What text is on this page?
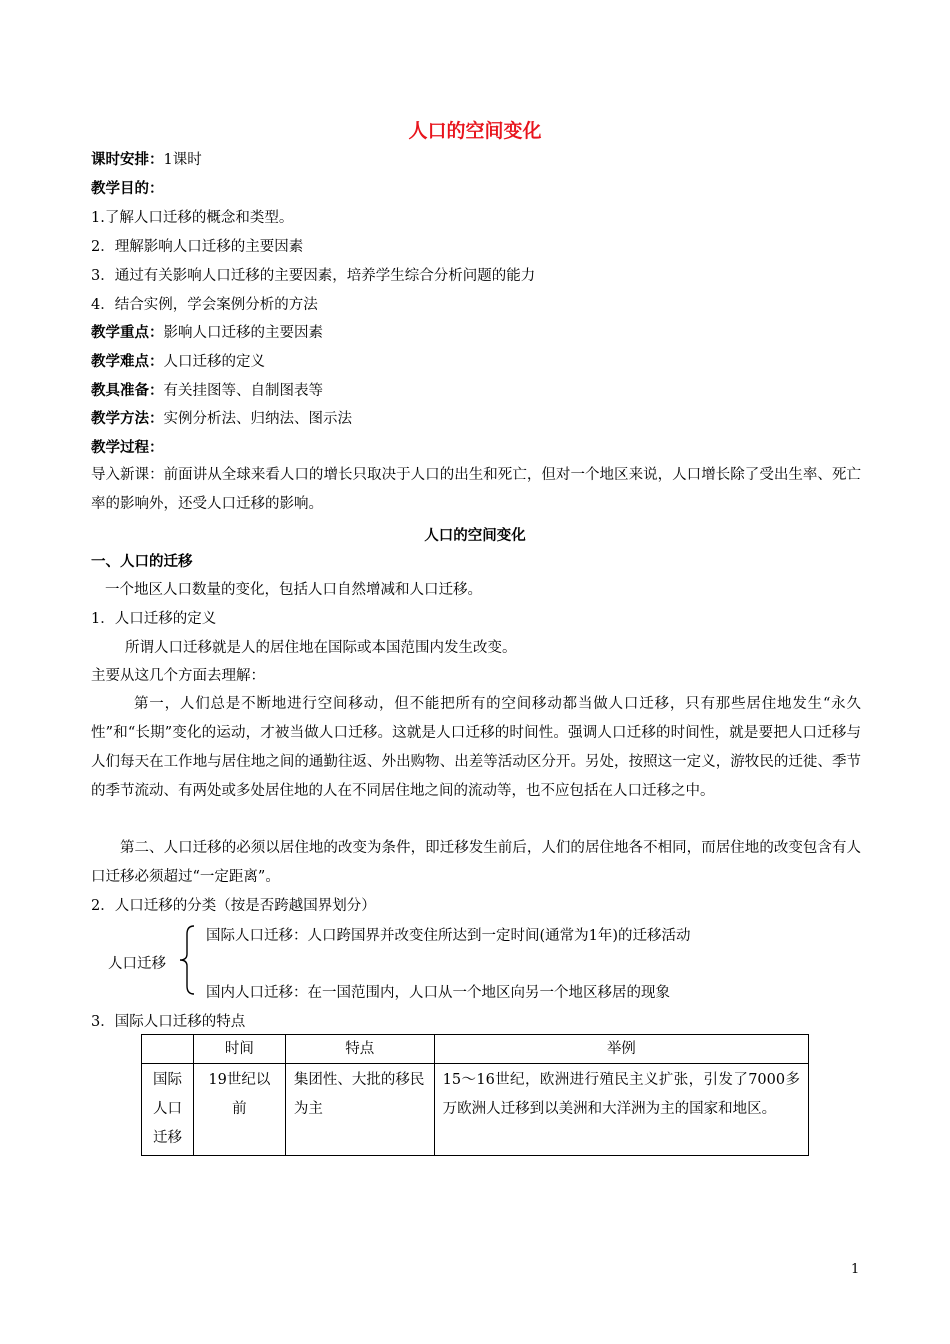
人口的空间变化
课时安排：1课时
教学目的：
1.了解人口迁移的概念和类型。
2．理解影响人口迁移的主要因素
3．通过有关影响人口迁移的主要因素，培养学生综合分析问题的能力
4．结合实例，学会案例分析的方法
教学重点：影响人口迁移的主要因素
教学难点：人口迁移的定义
教具准备：有关挂图等、自制图表等
教学方法：实例分析法、归纳法、图示法
教学过程：
导入新课：前面讲从全球来看人口的增长只取决于人口的出生和死亡，但对一个地区来说，人口增长除了受出生率、死亡率的影响外，还受人口迁移的影响。
人口的空间变化
一、人口的迁移
一个地区人口数量的变化，包括人口自然增减和人口迁移。
1．人口迁移的定义
所谓人口迁移就是人的居住地在国际或本国范围内发生改变。
主要从这几个方面去理解：
第一，人们总是不断地进行空间移动，但不能把所有的空间移动都当做人口迁移，只有那些居住地发生“永久性”和“长期”变化的运动，才被当做人口迁移。这就是人口迁移的时间性。强调人口迁移的时间性，就是要把人口迁移与人们每天在工作地与居住地之间的通勤往返、外出购物、出差等活动区分开。另处，按照这一定义，游牧民的迁徙、季节的季节流动、有两处或多处居住地的人在不同居住地之间的流动等，也不应包括在人口迁移之中。
第二、人口迁移的必须以居住地的改变为条件，即迁移发生前后，人们的居住地各不相同，而居住地的改变包含有人口迁移必须超过“一定距离”。
2．人口迁移的分类（按是否跨越国界划分）
人口迁移
国际人口迁移：人口跨国界并改变住所达到一定时间(通常为1年)的迁移活动
国内人口迁移：在一国范围内，人口从一个地区向另一个地区移居的现象
3．国际人口迁移的特点
	时间	特点	举例
国际人口迁移	19世纪以前	集团性、大批的移民为主	15～16世纪，欧洲进行殖民主义扩张，引发了7000多万欧洲人迁移到以美洲和大洋洲为主的国家和地区。
1
